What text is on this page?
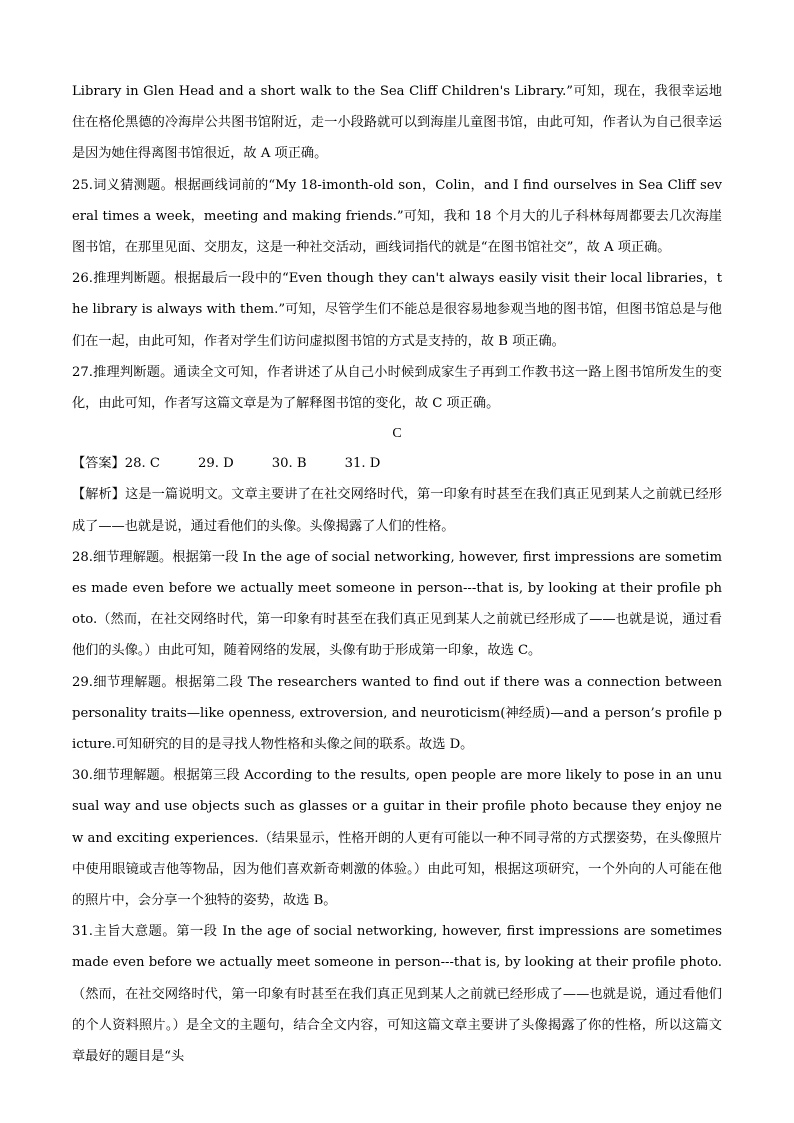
Library in Glen Head and a short walk to the Sea Cliff Children's Library.”可知，现在，我很幸运地住在格伦黑德的冷海岸公共图书馆附近，走一小段路就可以到海崖儿童图书馆，由此可知，作者认为自己很幸运是因为她住得离图书馆很近，故 A 项正确。

25.词义猜测题。根据画线词前的“My 18-imonth-old son，Colin，and I find ourselves in Sea Cliff several times a week，meeting and making friends.”可知，我和 18 个月大的儿子科林每周都要去几次海崖图书馆，在那里见面、交朋友，这是一种社交活动，画线词指代的就是“在图书馆社交”，故 A 项正确。

26.推理判断题。根据最后一段中的“Even though they can't always easily visit their local libraries，the library is always with them.”可知，尽管学生们不能总是很容易地参观当地的图书馆，但图书馆总是与他们在一起，由此可知，作者对学生们访问虚拟图书馆的方式是支持的，故 B 项正确。

27.推理判断题。通读全文可知，作者讲述了从自己小时候到成家生子再到工作教书这一路上图书馆所发生的变化，由此可知，作者写这篇文章是为了解释图书馆的变化，故 C 项正确。

C

【答案】 28. C	29. D	30. B	31. D

【解析】这是一篇说明文。文章主要讲了在社交网络时代，第一印象有时甚至在我们真正见到某人之前就已经形成了——也就是说，通过看他们的头像。头像揭露了人们的性格。

28.细节理解题。根据第一段 In the age of social networking, however, first impressions are sometimes made even before we actually meet someone in person---that is, by looking at their profile photo.（然而，在社交网络时代，第一印象有时甚至在我们真正见到某人之前就已经形成了——也就是说，通过看他们的头像。）由此可知，随着网络的发展，头像有助于形成第一印象，故选 C。

29.细节理解题。根据第二段 The researchers wanted to find out if there was a connection between personality traits—like openness, extroversion, and neuroticism(神经质)—and a person’s profile picture.可知研究的目的是寻找人物性格和头像之间的联系。故选 D。

30.细节理解题。根据第三段 According to the results, open people are more likely to pose in an unusual way and use objects such as glasses or a guitar in their profile photo because they enjoy new and exciting experiences.（结果显示，性格开朗的人更有可能以一种不同寻常的方式摆姿势，在头像照片中使用眼镜或吉他等物品，因为他们喜欢新奇刺激的体验。）由此可知，根据这项研究，一个外向的人可能在他的照片中，会分享一个独特的姿势，故选 B。

31.主旨大意题。第一段 In the age of social networking, however, first impressions are sometimes made even before we actually meet someone in person---that is, by looking at their profile photo.（然而，在社交网络时代，第一印象有时甚至在我们真正见到某人之前就已经形成了——也就是说，通过看他们的个人资料照片。）是全文的主题句，结合全文内容，可知这篇文章主要讲了头像揭露了你的性格，所以这篇文章最好的题目是“头
